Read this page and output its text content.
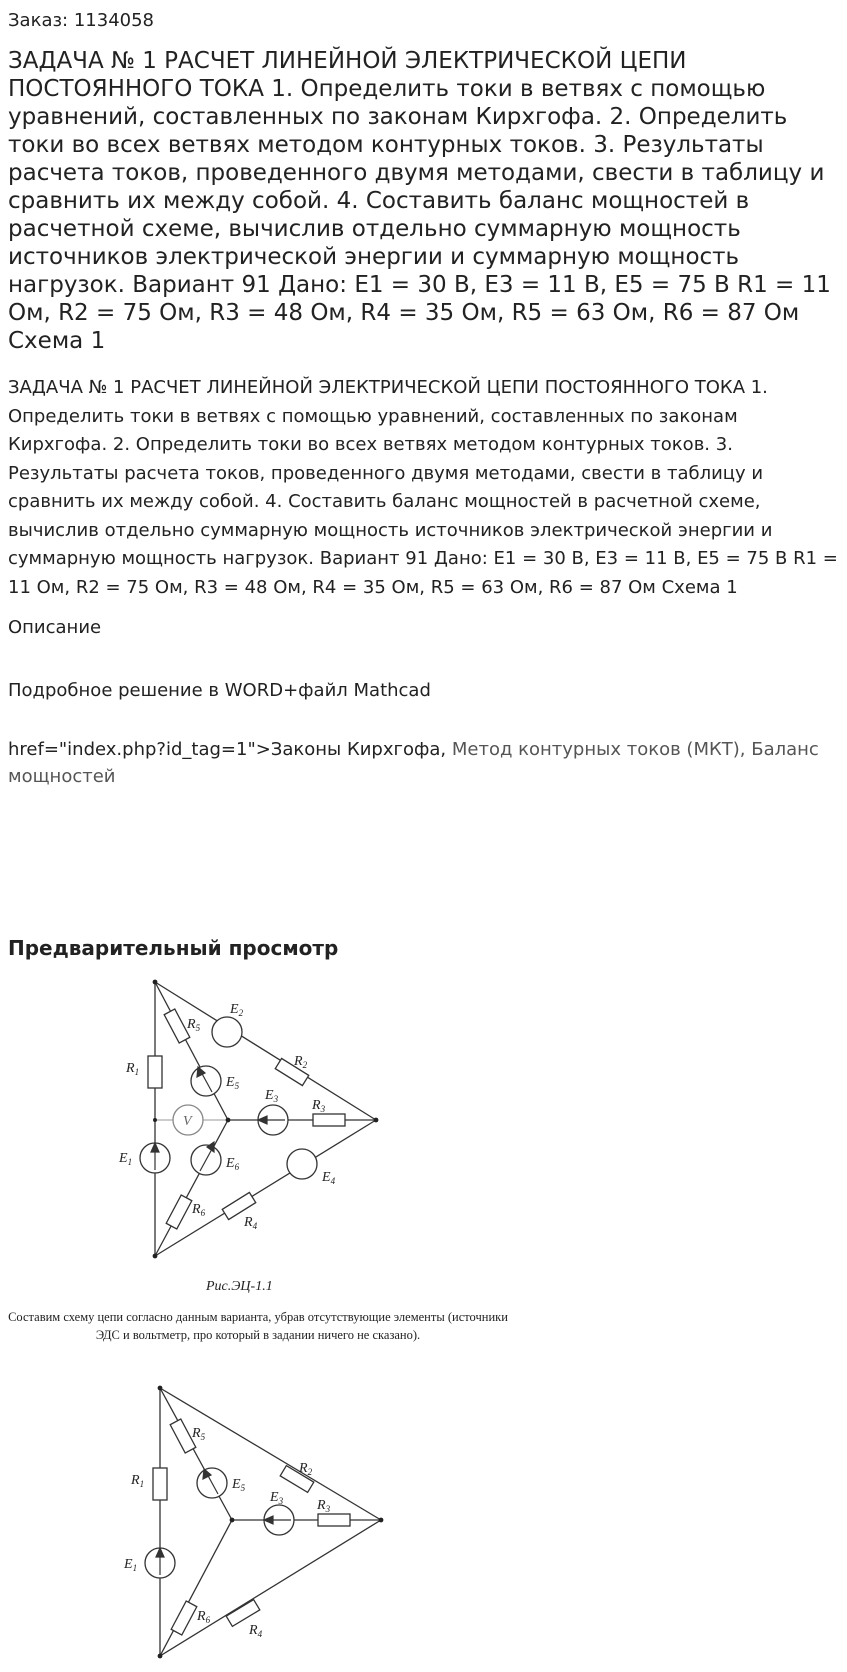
Заказ: 1134058
ЗАДАЧА № 1 РАСЧЕТ ЛИНЕЙНОЙ ЭЛЕКТРИЧЕСКОЙ ЦЕПИ ПОСТОЯННОГО ТОКА 1. Определить токи в ветвях с помощью уравнений, составленных по законам Кирхгофа. 2. Определить токи во всех ветвях методом контурных токов. 3. Результаты расчета токов, проведенного двумя методами, свести в таблицу и сравнить их между собой. 4. Составить баланс мощностей в расчетной схеме, вычислив отдельно суммарную мощность источников электрической энергии и суммарную мощность нагрузок. Вариант 91 Дано: E1 = 30 В, E3 = 11 В, E5 = 75 В R1 = 11 Ом, R2 = 75 Ом, R3 = 48 Ом, R4 = 35 Ом, R5 = 63 Ом, R6 = 87 Ом Схема 1

ЗАДАЧА № 1 РАСЧЕТ ЛИНЕЙНОЙ ЭЛЕКТРИЧЕСКОЙ ЦЕПИ ПОСТОЯННОГО ТОКА 1. Определить токи в ветвях с помощью уравнений, составленных по законам Кирхгофа. 2. Определить токи во всех ветвях методом контурных токов. 3. Результаты расчета токов, проведенного двумя методами, свести в таблицу и сравнить их между собой. 4. Составить баланс мощностей в расчетной схеме, вычислив отдельно суммарную мощность источников электрической энергии и суммарную мощность нагрузок. Вариант 91 Дано: E1 = 30 В, E3 = 11 В, E5 = 75 В R1 = 11 Ом, R2 = 75 Ом, R3 = 48 Ом, R4 = 35 Ом, R5 = 63 Ом, R6 = 87 Ом Схема 1

Описание
Подробное решение в WORD+файл Mathcad
href="index.php?id_tag=1">Законы Кирхгофа, Метод контурных токов (МКТ), Баланс мощностей
Предварительный просмотр
$R_1$
$R_2$
$R_3$
$R_4$
$R_5$
$R_6$
$E_1$
$E_2$
$E_3$
$E_4$
$E_5$
$E_6$
V
Рис.ЭЦ-1.1
Составим схему цепи согласно данным варианта, убрав отсутствующие элементы (источники ЭДС и вольтметр, про который в задании ничего не сказано).
$R_1$
$R_2$
$R_3$
$R_4$
$R_5$
$R_6$
$E_1$
$E_3$
$E_5$
